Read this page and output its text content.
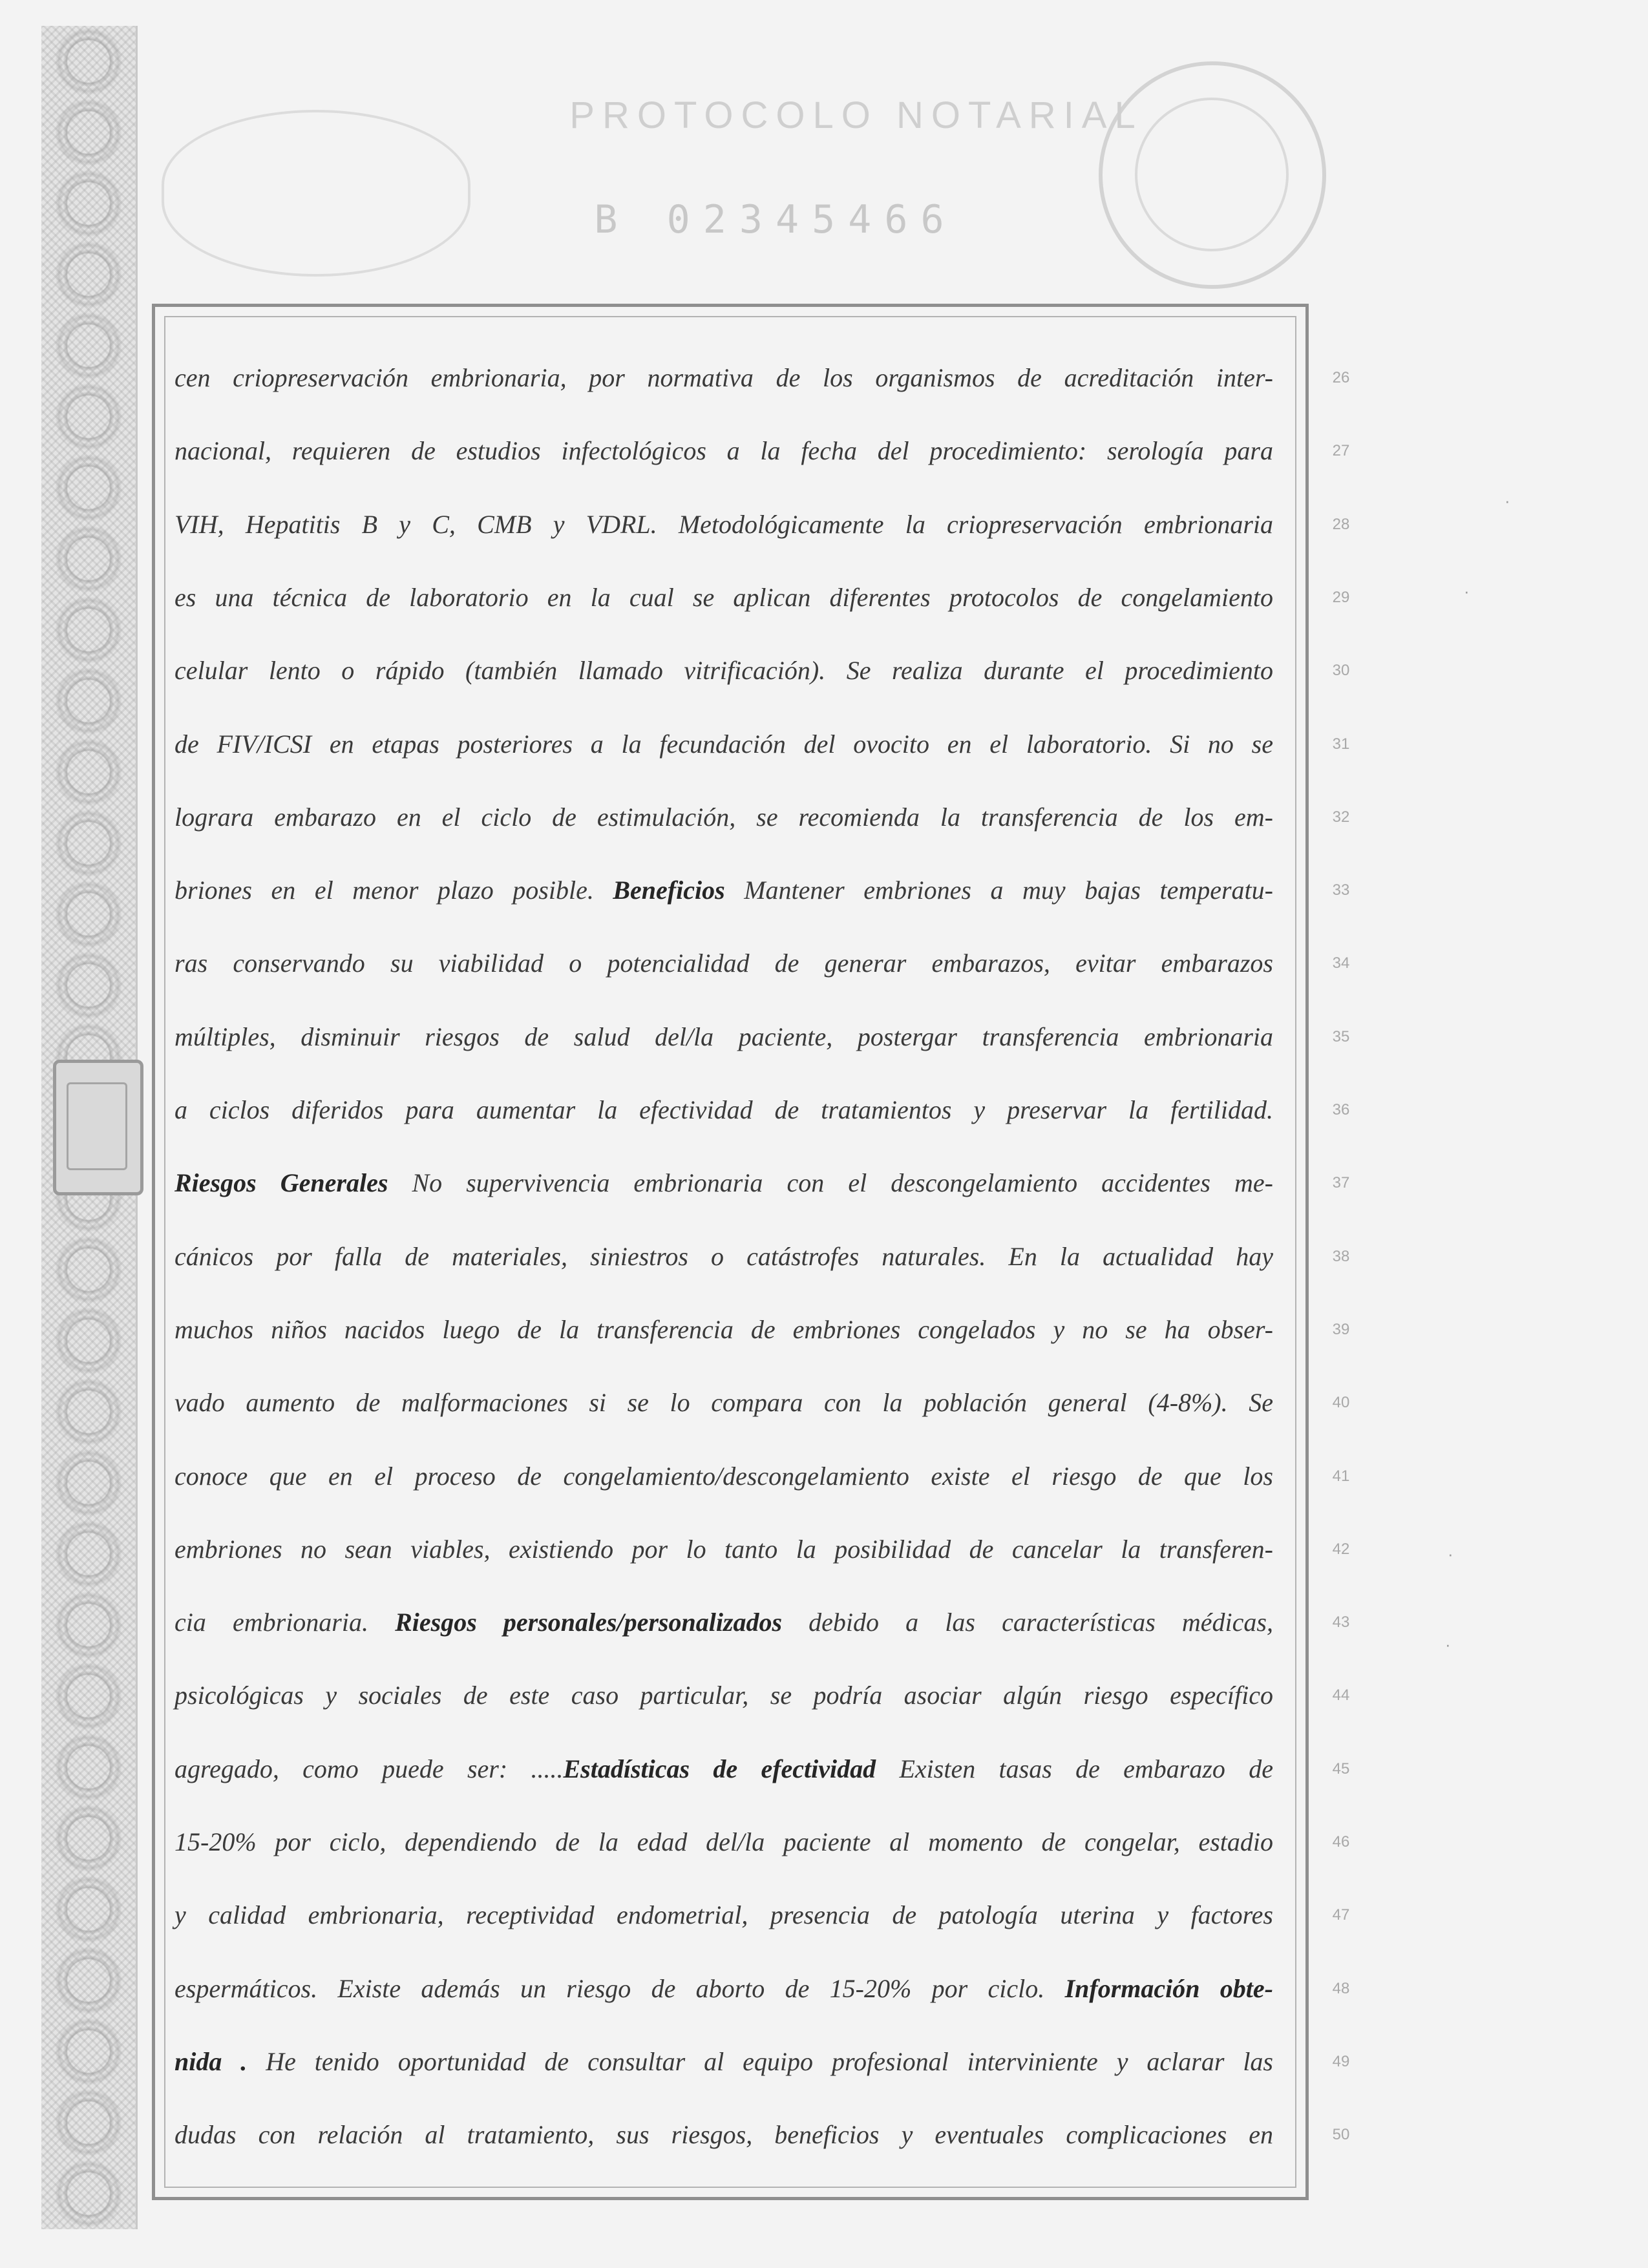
PROTOCOLO NOTARIAL
B 02345466
cen criopreservación embrionaria, por normativa de los organismos de acreditación inter-
nacional, requieren de estudios infectológicos a la fecha del procedimiento: serología para
VIH, Hepatitis B y C, CMB y VDRL. Metodológicamente la criopreservación embrionaria
es una técnica de laboratorio en la cual se aplican diferentes protocolos de congelamiento
celular lento o rápido (también llamado vitrificación). Se realiza durante el procedimiento
de FIV/ICSI en etapas posteriores a la fecundación del ovocito en el laboratorio. Si no se
lograra embarazo en el ciclo de estimulación, se recomienda la transferencia de los em-
briones en el menor plazo posible. Beneficios Mantener embriones a muy bajas temperatu-
ras conservando su viabilidad o potencialidad de generar embarazos, evitar embarazos
múltiples, disminuir riesgos de salud del/la paciente, postergar transferencia embrionaria
a ciclos diferidos para aumentar la efectividad de tratamientos y preservar la fertilidad.
Riesgos Generales No supervivencia embrionaria con el descongelamiento accidentes me-
cánicos por falla de materiales, siniestros o catástrofes naturales. En la actualidad hay
muchos niños nacidos luego de la transferencia de embriones congelados y no se ha obser-
vado aumento de malformaciones si se lo compara con la población general (4-8%). Se
conoce que en el proceso de congelamiento/descongelamiento existe el riesgo de que los
embriones no sean viables, existiendo por lo tanto la posibilidad de cancelar la transferen-
cia embrionaria. Riesgos personales/personalizados debido a las características médicas,
psicológicas y sociales de este caso particular, se podría asociar algún riesgo específico
agregado, como puede ser: .....Estadísticas de efectividad Existen tasas de embarazo de
15-20% por ciclo, dependiendo de la edad del/la paciente al momento de congelar, estadio
y calidad embrionaria, receptividad endometrial, presencia de patología uterina y factores
espermáticos. Existe además un riesgo de aborto de 15-20% por ciclo. Información obte-
nida . He tenido oportunidad de consultar al equipo profesional interviniente y aclarar las
dudas con relación al tratamiento, sus riesgos, beneficios y eventuales complicaciones en
26
27
28
29
30
31
32
33
34
35
36
37
38
39
40
41
42
43
44
45
46
47
48
49
50
·
·
·
·
